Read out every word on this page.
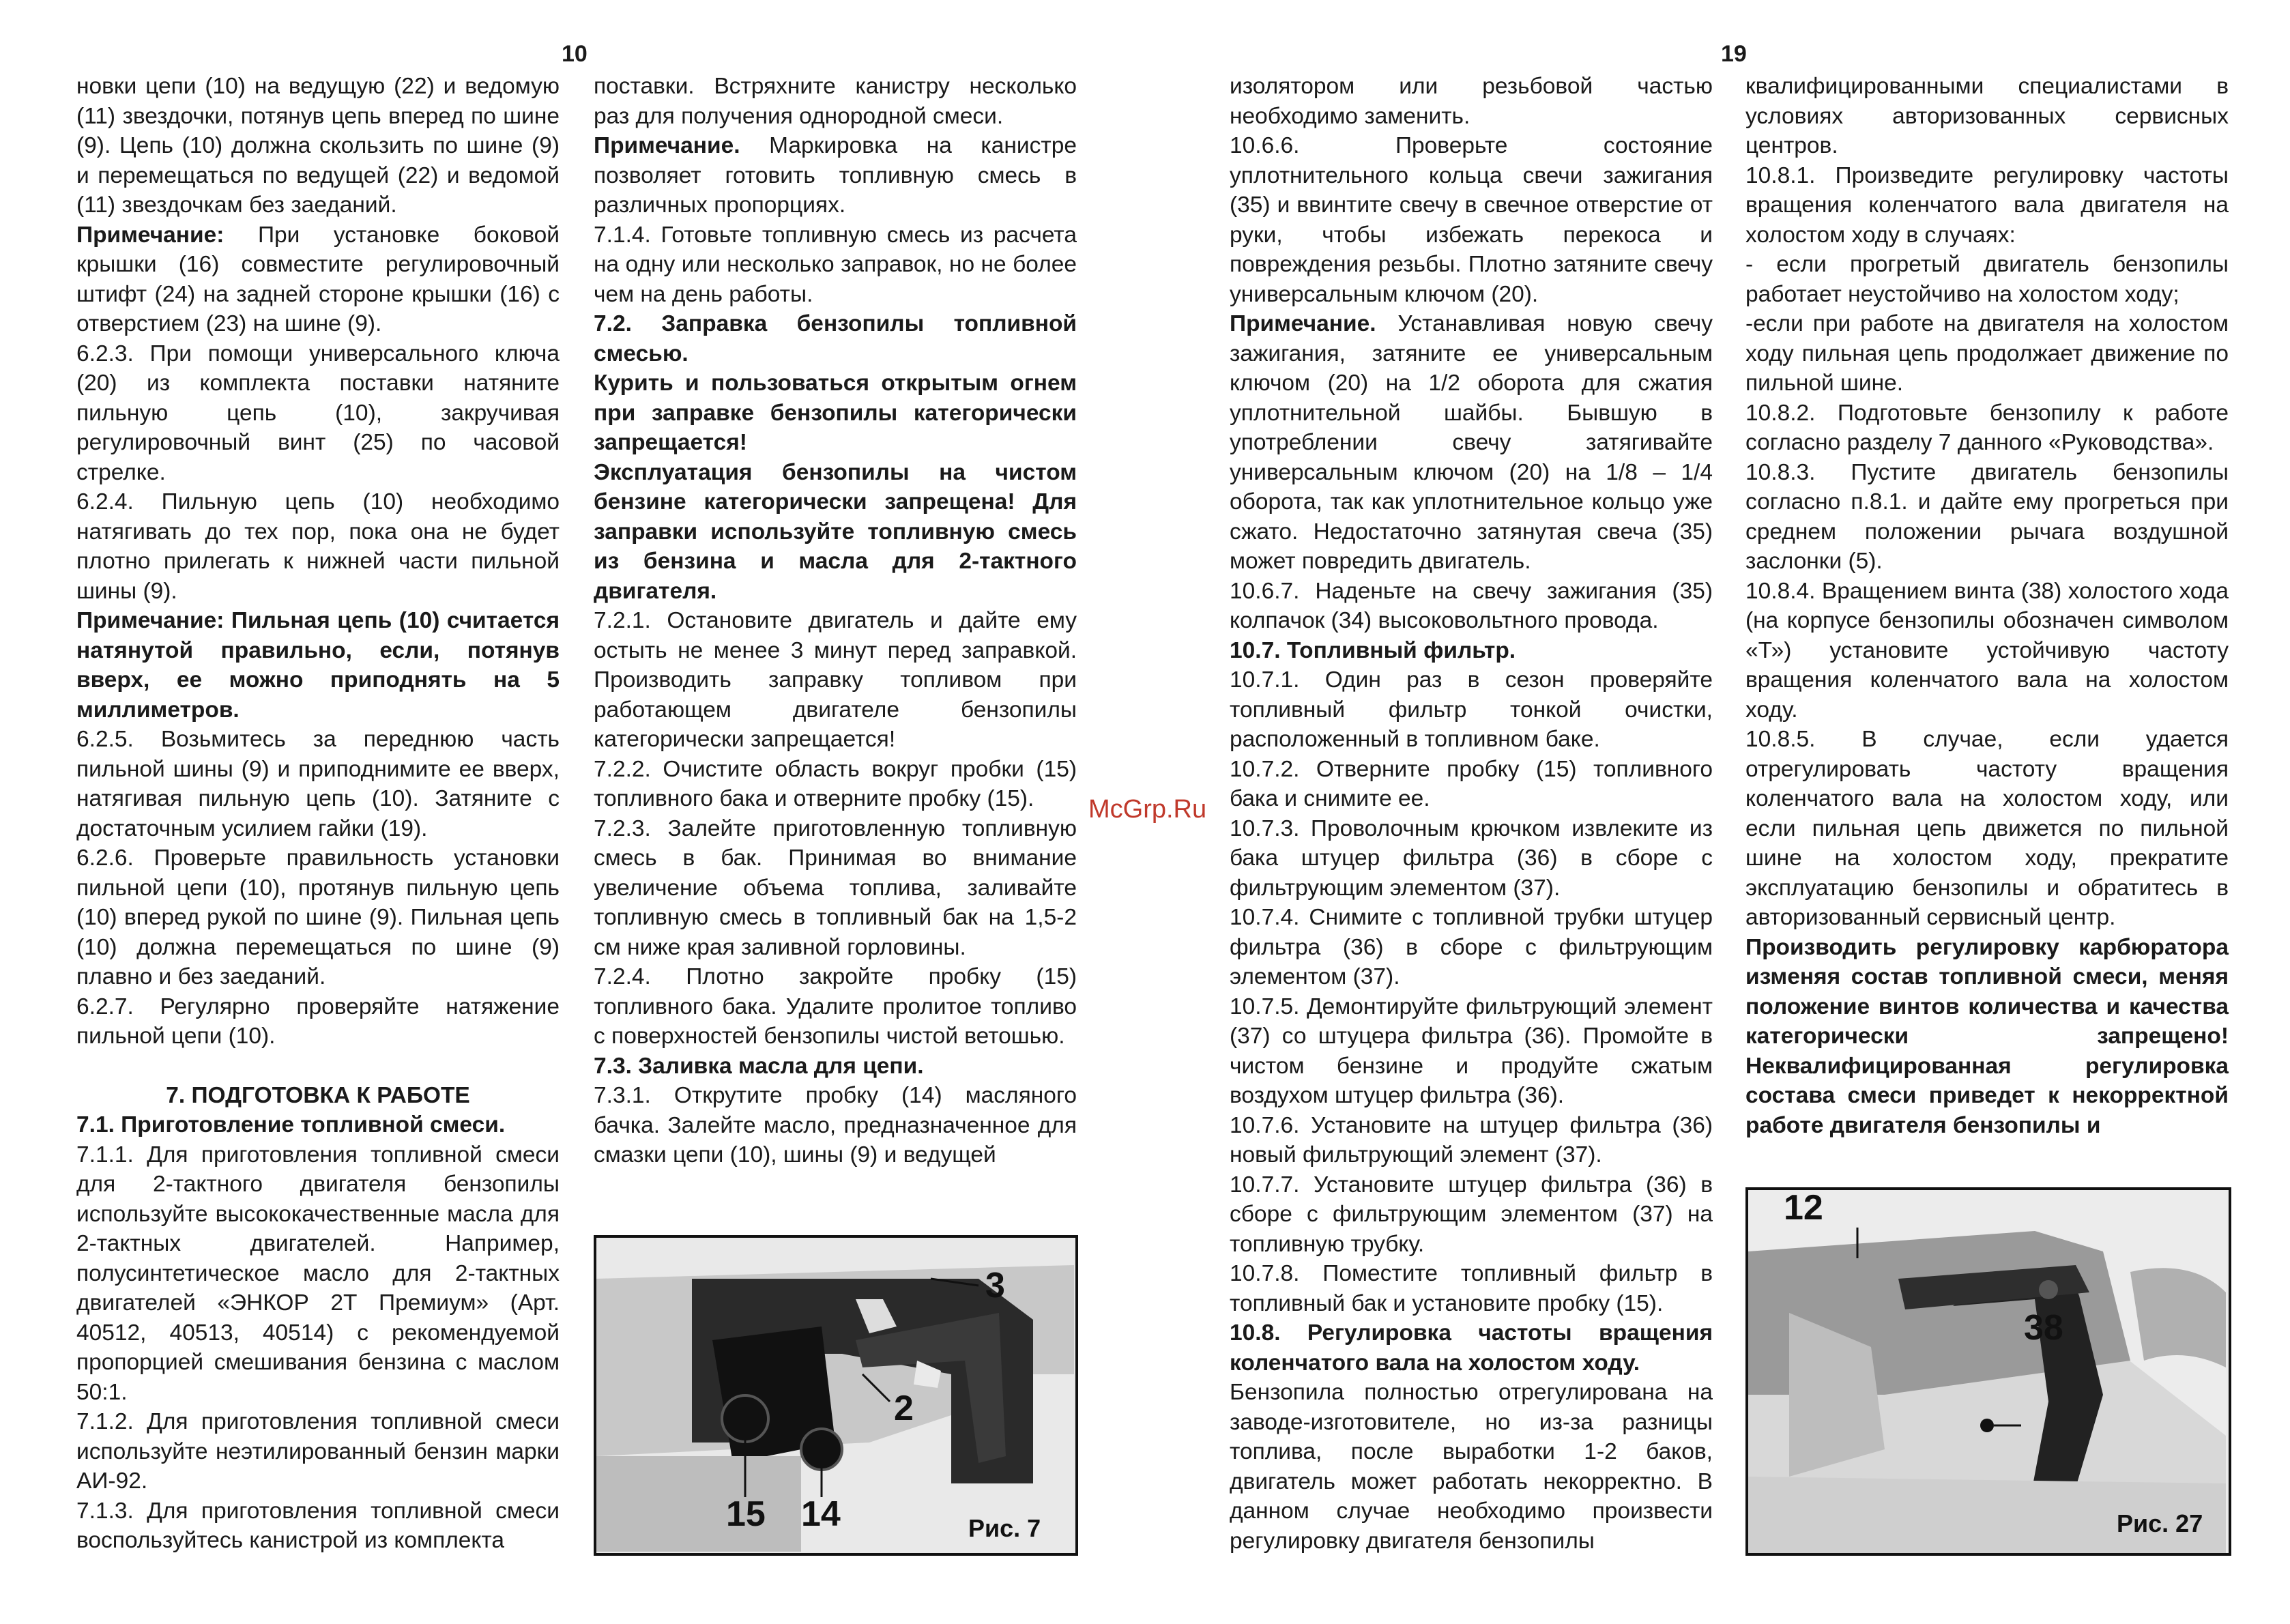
10	19

новки цепи (10) на ведущую (22) и ведомую (11) звездочки, потянув цепь вперед по шине (9). Цепь (10) должна скользить по шине (9) и перемещаться по ведущей (22) и ведомой (11) звездочкам без заеданий.

Примечание: При установке боковой крышки (16) совместите регулировочный штифт (24) на задней стороне крышки (16) с отверстием (23) на шине (9).

6.2.3. При помощи универсального ключа (20) из комплекта поставки натяните пильную цепь (10), закручивая регулировочный винт (25) по часовой стрелке.

6.2.4. Пильную цепь (10) необходимо натягивать до тех пор, пока она не будет плотно прилегать к нижней части пильной шины (9).

Примечание: Пильная цепь (10) считается натянутой правильно, если, потянув вверх, ее можно приподнять на 5 миллиметров.

6.2.5. Возьмитесь за переднюю часть пильной шины (9) и приподнимите ее вверх, натягивая пильную цепь (10). Затяните с достаточным усилием гайки (19).

6.2.6. Проверьте правильность установки пильной цепи (10), протянув пильную цепь (10) вперед рукой по шине (9). Пильная цепь (10) должна перемещаться по шине (9) плавно и без заеданий.

6.2.7. Регулярно проверяйте натяжение пильной цепи (10).

7. ПОДГОТОВКА К РАБОТЕ

7.1. Приготовление топливной смеси.

7.1.1. Для приготовления топливной смеси для 2-тактного двигателя бензопилы используйте высококачественные масла для 2-тактных двигателей. Например, полусинтетическое масло для 2-тактных двигателей «ЭНКОР 2Т Премиум» (Арт. 40512, 40513, 40514) с рекомендуемой пропорцией смешивания бензина с маслом 50:1.

7.1.2. Для приготовления топливной смеси используйте неэтилированный бензин марки АИ-92.

7.1.3. Для приготовления топливной смеси воспользуйтесь канистрой из комплекта

поставки. Встряхните канистру несколько раз для получения однородной смеси.

Примечание. Маркировка на канистре позволяет готовить топливную смесь в различных пропорциях.

7.1.4. Готовьте топливную смесь из расчета на одну или несколько заправок, но не более чем на день работы.

7.2. Заправка бензопилы топливной смесью.

Курить и пользоваться открытым огнем при заправке бензопилы категорически запрещается!

Эксплуатация бензопилы на чистом бензине категорически запрещена! Для заправки используйте топливную смесь из бензина и масла для 2-тактного двигателя.

7.2.1. Остановите двигатель и дайте ему остыть не менее 3 минут перед заправкой. Производить заправку топливом при работающем двигателе бензопилы категорически запрещается!

7.2.2. Очистите область вокруг пробки (15) топливного бака и отверните пробку (15).

7.2.3. Залейте приготовленную топливную смесь в бак. Принимая во внимание увеличение объема топлива, заливайте топливную смесь в топливный бак на 1,5-2 см ниже края заливной горловины.

7.2.4. Плотно закройте пробку (15) топливного бака. Удалите пролитое топливо с поверхностей бензопилы чистой ветошью.

7.3. Заливка масла для цепи.

7.3.1. Открутите пробку (14) масляного бачка. Залейте масло, предназначенное для смазки цепи (10), шины (9) и ведущей

изолятором или резьбовой частью необходимо заменить.

10.6.6. Проверьте состояние уплотнительного кольца свечи зажигания (35) и ввинтите свечу в свечное отверстие от руки, чтобы избежать перекоса и повреждения резьбы. Плотно затяните свечу универсальным ключом (20).

Примечание. Устанавливая новую свечу зажигания, затяните ее универсальным ключом (20) на 1/2 оборота для сжатия уплотнительной шайбы. Бывшую в употреблении свечу затягивайте универсальным ключом (20) на 1/8 – 1/4 оборота, так как уплотнительное кольцо уже сжато. Недостаточно затянутая свеча (35) может повредить двигатель.

10.6.7. Наденьте на свечу зажигания (35) колпачок (34) высоковольтного провода.

10.7. Топливный фильтр.

10.7.1. Один раз в сезон проверяйте топливный фильтр тонкой очистки, расположенный в топливном баке.

10.7.2. Отверните пробку (15) топливного бака и снимите ее.

10.7.3. Проволочным крючком извлеките из бака штуцер фильтра (36) в сборе с фильтрующим элементом (37).

10.7.4. Снимите с топливной трубки штуцер фильтра (36) в сборе с фильтрующим элементом (37).

10.7.5. Демонтируйте фильтрующий элемент (37) со штуцера фильтра (36). Промойте в чистом бензине и продуйте сжатым воздухом штуцер фильтра (36).

10.7.6. Установите на штуцер фильтра (36) новый фильтрующий элемент (37).

10.7.7. Установите штуцер фильтра (36) в сборе с фильтрующим элементом (37) на топливную трубку.

10.7.8. Поместите топливный фильтр в топливный бак и установите пробку (15).

10.8. Регулировка частоты вращения коленчатого вала на холостом ходу.

Бензопила полностью отрегулирована на заводе-изготовителе, но из-за разницы топлива, после выработки 1-2 баков, двигатель может работать некорректно. В данном случае необходимо произвести регулировку двигателя бензопилы

квалифицированными специалистами в условиях авторизованных сервисных центров.

10.8.1. Произведите регулировку частоты вращения коленчатого вала двигателя на холостом ходу в случаях:

- если прогретый двигатель бензопилы работает неустойчиво на холостом ходу;

-если при работе на двигателя на холостом ходу пильная цепь продолжает движение по пильной шине.

10.8.2. Подготовьте бензопилу к работе согласно разделу 7 данного «Руководства».

10.8.3. Пустите двигатель бензопилы согласно п.8.1. и дайте ему прогреться при среднем положении рычага воздушной заслонки (5).

10.8.4. Вращением винта (38) холостого хода (на корпусе бензопилы обозначен символом «Т») установите устойчивую частоту вращения коленчатого вала на холостом ходу.

10.8.5. В случае, если удается отрегулировать частоту вращения коленчатого вала на холостом ходу, или если пильная цепь движется по пильной шине на холостом ходу, прекратите эксплуатацию бензопилы и обратитесь в авторизованный сервисный центр.

Производить регулировку карбюратора изменяя состав топливной смеси, меняя положение винтов количества и качества категорически запрещено! Неквалифицированная регулировка состава смеси приведет к некорректной работе двигателя бензопилы и

McGrp.Ru
3
2
15 14	Рис. 7
12
38
Рис. 27
